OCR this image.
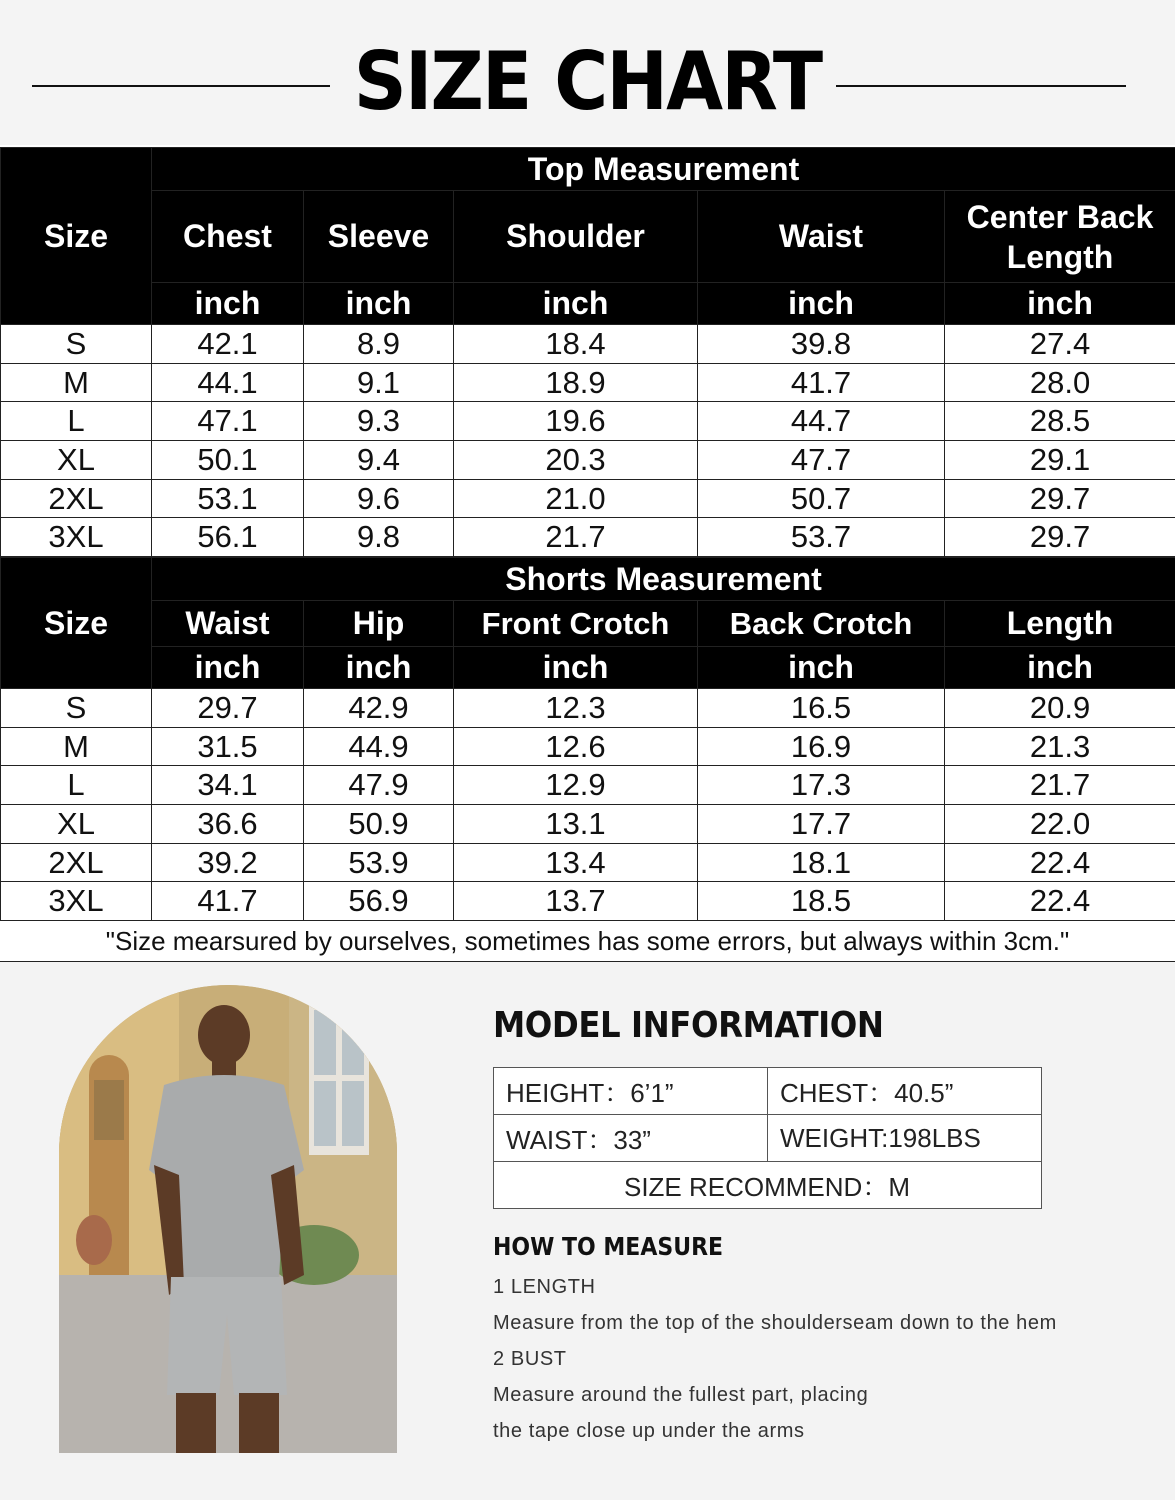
SIZE CHART
Size	Top Measurement				
	Chest	Sleeve	Shoulder	Waist	Center Back Length
	inch	inch	inch	inch	inch
S	42.1	8.9	18.4	39.8	27.4
M	44.1	9.1	18.9	41.7	28.0
L	47.1	9.3	19.6	44.7	28.5
XL	50.1	9.4	20.3	47.7	29.1
2XL	53.1	9.6	21.0	50.7	29.7
3XL	56.1	9.8	21.7	53.7	29.7
Size	Shorts Measurement				
	Waist	Hip	Front Crotch	Back Crotch	Length
	inch	inch	inch	inch	inch
S	29.7	42.9	12.3	16.5	20.9
M	31.5	44.9	12.6	16.9	21.3
L	34.1	47.9	12.9	17.3	21.7
XL	36.6	50.9	13.1	17.7	22.0
2XL	39.2	53.9	13.4	18.1	22.4
3XL	41.7	56.9	13.7	18.5	22.4
"Size mearsured by ourselves, sometimes has some errors, but always within 3cm."
MODEL INFORMATION
HEIGHT：6’1”	CHEST：40.5”
WAIST：33”	WEIGHT:198LBS
SIZE RECOMMEND：M	
HOW TO MEASURE
1 LENGTH
Measure from the top of the shoulderseam down to the hem
2 BUST
Measure around the fullest part, placing
the tape close up under the arms
